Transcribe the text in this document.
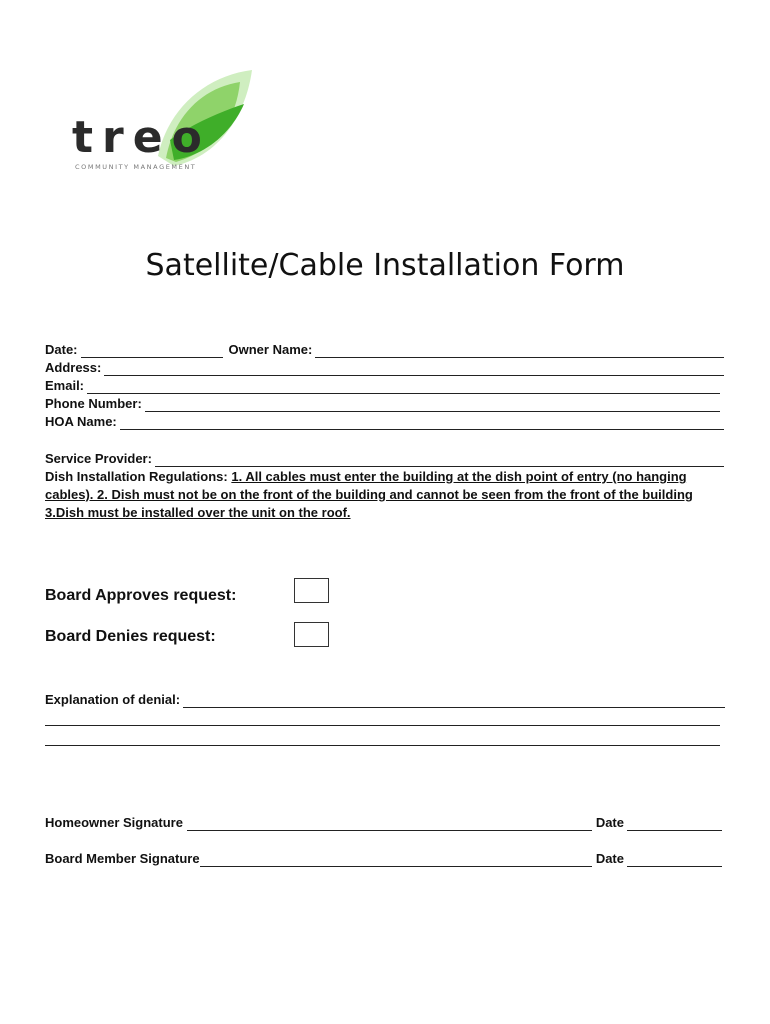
treo
COMMUNITY MANAGEMENT
Satellite/Cable Installation Form
Date:	Owner Name:
Address:
Email:
Phone Number:
HOA Name:
Service Provider:
Dish Installation Regulations: 1. All cables must enter the building at the dish point of entry (no hanging cables). 2. Dish must not be on the front of the building and cannot be seen from the front of the building 3.Dish must be installed over the unit on the roof.
Board Approves request:
Board Denies request:
Explanation of denial:
Homeowner Signature	Date
Board Member Signature	Date
